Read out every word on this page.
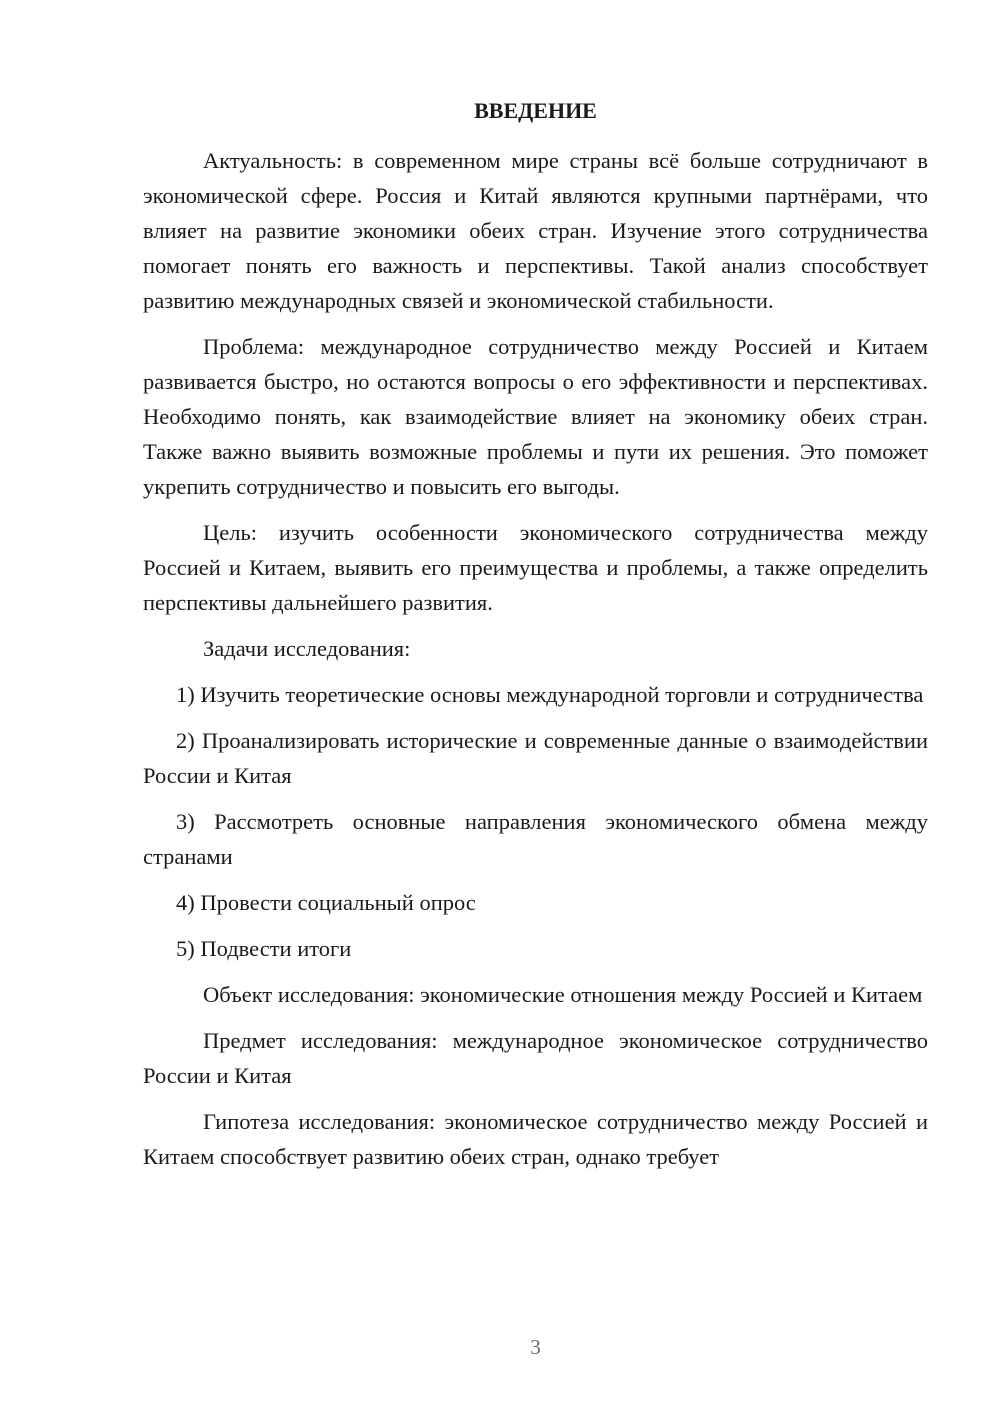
ВВЕДЕНИЕ

Актуальность: в современном мире страны всё больше сотрудничают в экономической сфере. Россия и Китай являются крупными партнёрами, что влияет на развитие экономики обеих стран. Изучение этого сотрудничества помогает понять его важность и перспективы. Такой анализ способствует развитию международных связей и экономической стабильности.

Проблема: международное сотрудничество между Россией и Китаем развивается быстро, но остаются вопросы о его эффективности и перспективах. Необходимо понять, как взаимодействие влияет на экономику обеих стран. Также важно выявить возможные проблемы и пути их решения. Это поможет укрепить сотрудничество и повысить его выгоды.

Цель: изучить особенности экономического сотрудничества между Россией и Китаем, выявить его преимущества и проблемы, а также определить перспективы дальнейшего развития.

Задачи исследования:

1) Изучить теоретические основы международной торговли и сотрудничества

2) Проанализировать исторические и современные данные о взаимодействии России и Китая

3) Рассмотреть основные направления экономического обмена между странами

4) Провести социальный опрос

5) Подвести итоги

Объект исследования: экономические отношения между Россией и Китаем

Предмет исследования: международное экономическое сотрудничество России и Китая

Гипотеза исследования: экономическое сотрудничество между Россией и Китаем способствует развитию обеих стран, однако требует

3
